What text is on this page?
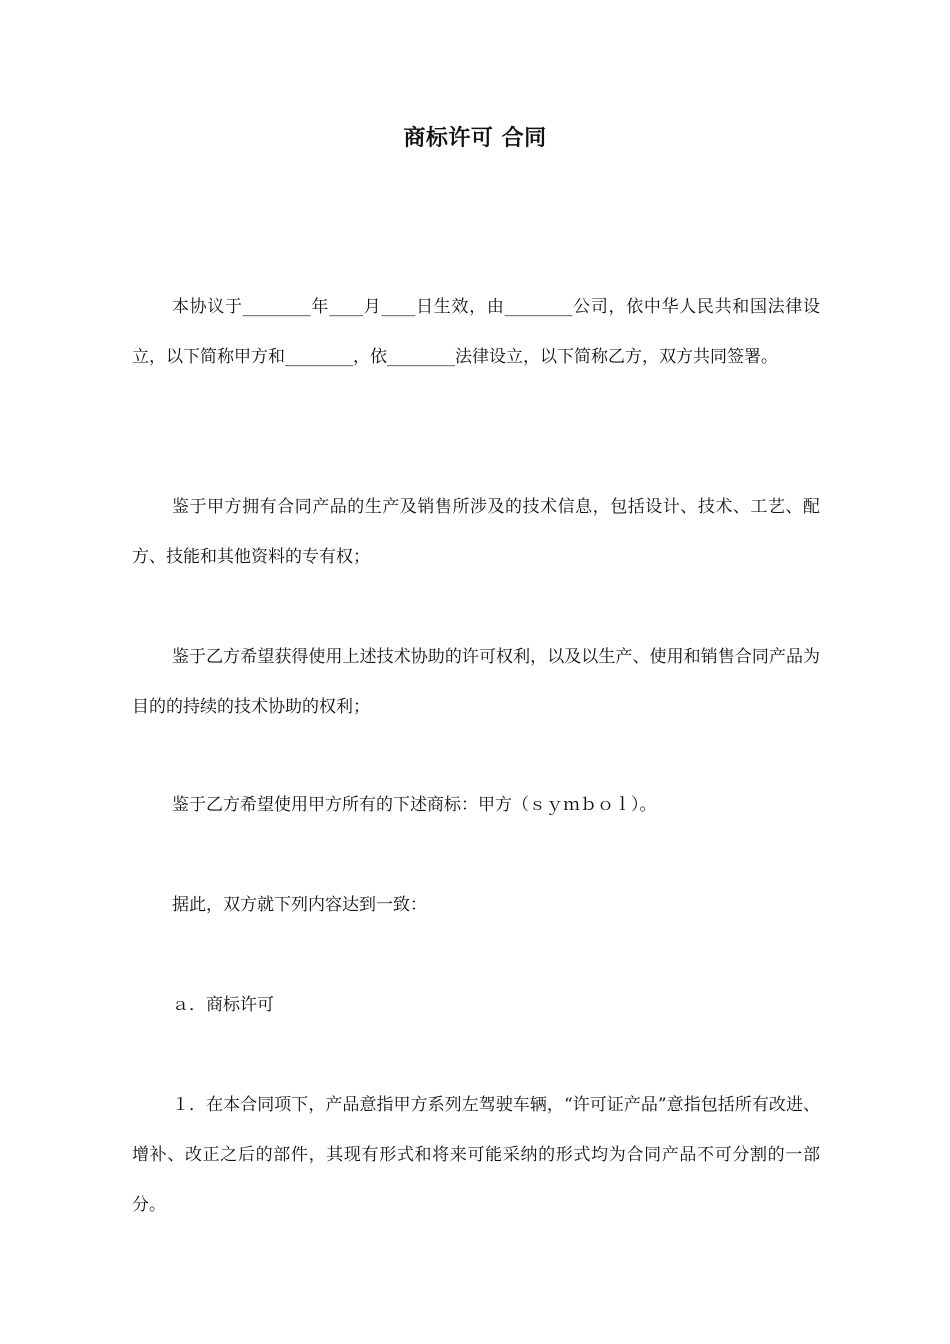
商标许可 合同

本协议于________年____月____日生效，由________公司，依中华人民共和国法律设立，以下简称甲方和________，依________法律设立，以下简称乙方，双方共同签署。

鉴于甲方拥有合同产品的生产及销售所涉及的技术信息，包括设计、技术、工艺、配方、技能和其他资料的专有权；

鉴于乙方希望获得使用上述技术协助的许可权利，以及以生产、使用和销售合同产品为目的的持续的技术协助的权利；

鉴于乙方希望使用甲方所有的下述商标：甲方（ｓｙｍｂｏｌ）。

据此，双方就下列内容达到一致：

ａ．商标许可

１．在本合同项下，产品意指甲方系列左驾驶车辆，“许可证产品”意指包括所有改进、增补、改正之后的部件，其现有形式和将来可能采纳的形式均为合同产品不可分割的一部分。
